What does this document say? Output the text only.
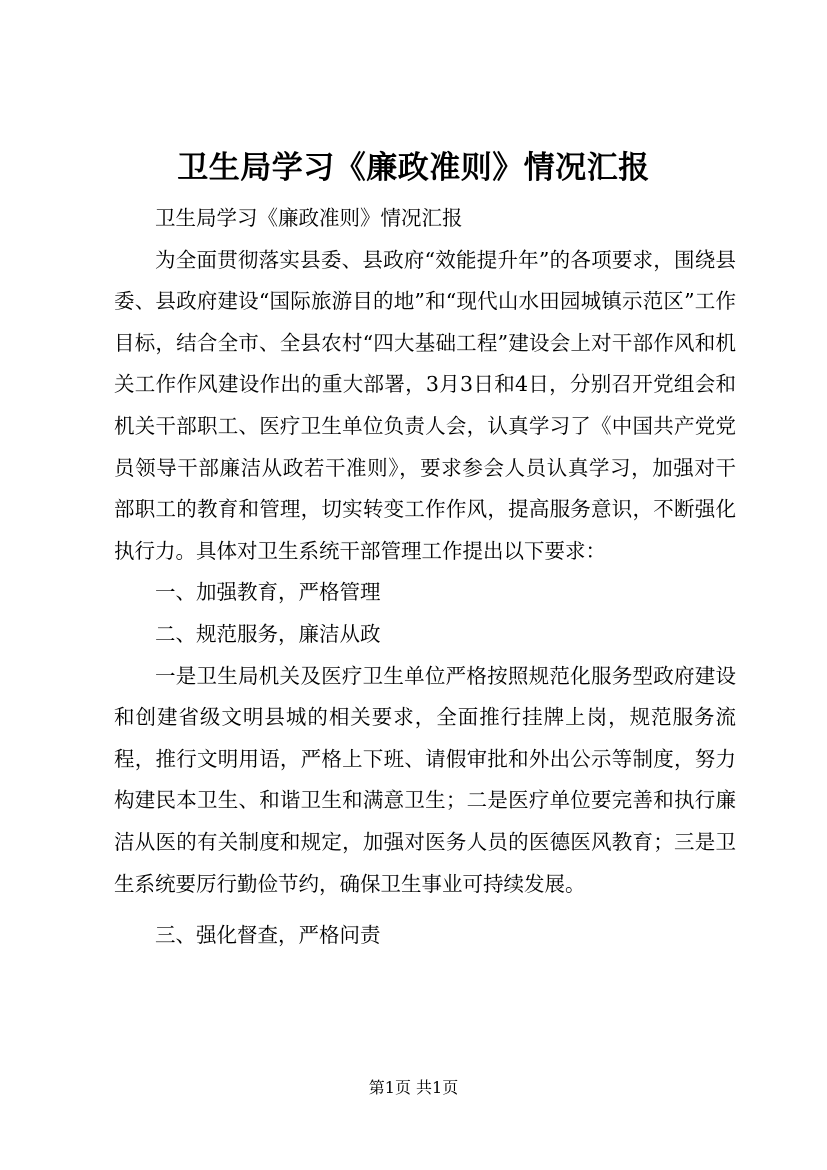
卫生局学习《廉政准则》情况汇报

卫生局学习《廉政准则》情况汇报

为全面贯彻落实县委、县政府“效能提升年”的各项要求，围绕县委、县政府建设“国际旅游目的地”和“现代山水田园城镇示范区”工作目标，结合全市、全县农村“四大基础工程”建设会上对干部作风和机关工作作风建设作出的重大部署，3月3日和4日，分别召开党组会和机关干部职工、医疗卫生单位负责人会，认真学习了《中国共产党党员领导干部廉洁从政若干准则》，要求参会人员认真学习，加强对干部职工的教育和管理，切实转变工作作风，提高服务意识，不断强化执行力。具体对卫生系统干部管理工作提出以下要求：

一、加强教育，严格管理

二、规范服务，廉洁从政

一是卫生局机关及医疗卫生单位严格按照规范化服务型政府建设和创建省级文明县城的相关要求，全面推行挂牌上岗，规范服务流程，推行文明用语，严格上下班、请假审批和外出公示等制度，努力构建民本卫生、和谐卫生和满意卫生；二是医疗单位要完善和执行廉洁从医的有关制度和规定，加强对医务人员的医德医风教育；三是卫生系统要厉行勤俭节约，确保卫生事业可持续发展。

三、强化督查，严格问责

第1页 共1页
